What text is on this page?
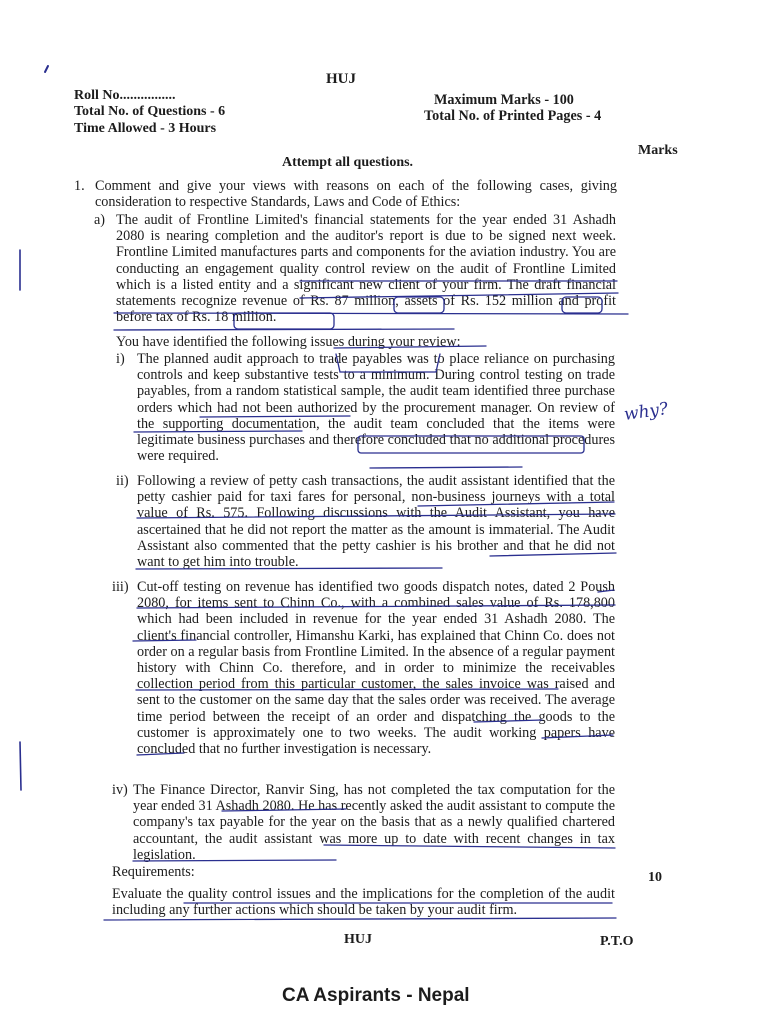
HUJ
Roll No................
Total No. of Questions - 6
Time Allowed - 3 Hours
Maximum Marks - 100
Total No. of Printed Pages - 4
Marks
Attempt all questions.
1. Comment and give your views with reasons on each of the following cases, giving consideration to respective Standards, Laws and Code of Ethics:
a) The audit of Frontline Limited's financial statements for the year ended 31 Ashadh 2080 is nearing completion and the auditor's report is due to be signed next week. Frontline Limited manufactures parts and components for the aviation industry. You are conducting an engagement quality control review on the audit of Frontline Limited which is a listed entity and a significant new client of your firm. The draft financial statements recognize revenue of Rs. 87 million, assets of Rs. 152 million and profit before tax of Rs. 18 million.
You have identified the following issues during your review:
i) The planned audit approach to trade payables was to place reliance on purchasing controls and keep substantive tests to a minimum. During control testing on trade payables, from a random statistical sample, the audit team identified three purchase orders which had not been authorized by the procurement manager. On review of the supporting documentation, the audit team concluded that the items were legitimate business purchases and therefore concluded that no additional procedures were required.
ii) Following a review of petty cash transactions, the audit assistant identified that the petty cashier paid for taxi fares for personal, non-business journeys with a total value of Rs. 575. Following discussions with the Audit Assistant, you have ascertained that he did not report the matter as the amount is immaterial. The Audit Assistant also commented that the petty cashier is his brother and that he did not want to get him into trouble.
iii) Cut-off testing on revenue has identified two goods dispatch notes, dated 2 Poush 2080, for items sent to Chinn Co., with a combined sales value of Rs. 178,800 which had been included in revenue for the year ended 31 Ashadh 2080. The client's financial controller, Himanshu Karki, has explained that Chinn Co. does not order on a regular basis from Frontline Limited. In the absence of a regular payment history with Chinn Co. therefore, and in order to minimize the receivables collection period from this particular customer, the sales invoice was raised and sent to the customer on the same day that the sales order was received. The average time period between the receipt of an order and dispatching the goods to the customer is approximately one to two weeks. The audit working papers have concluded that no further investigation is necessary.
iv) The Finance Director, Ranvir Sing, has not completed the tax computation for the year ended 31 Ashadh 2080. He has recently asked the audit assistant to compute the company's tax payable for the year on the basis that as a newly qualified chartered accountant, the audit assistant was more up to date with recent changes in tax legislation.
Requirements:
Evaluate the quality control issues and the implications for the completion of the audit including any further actions which should be taken by your audit firm.
10
why?
HUJ	P.T.O
CA Aspirants - Nepal
